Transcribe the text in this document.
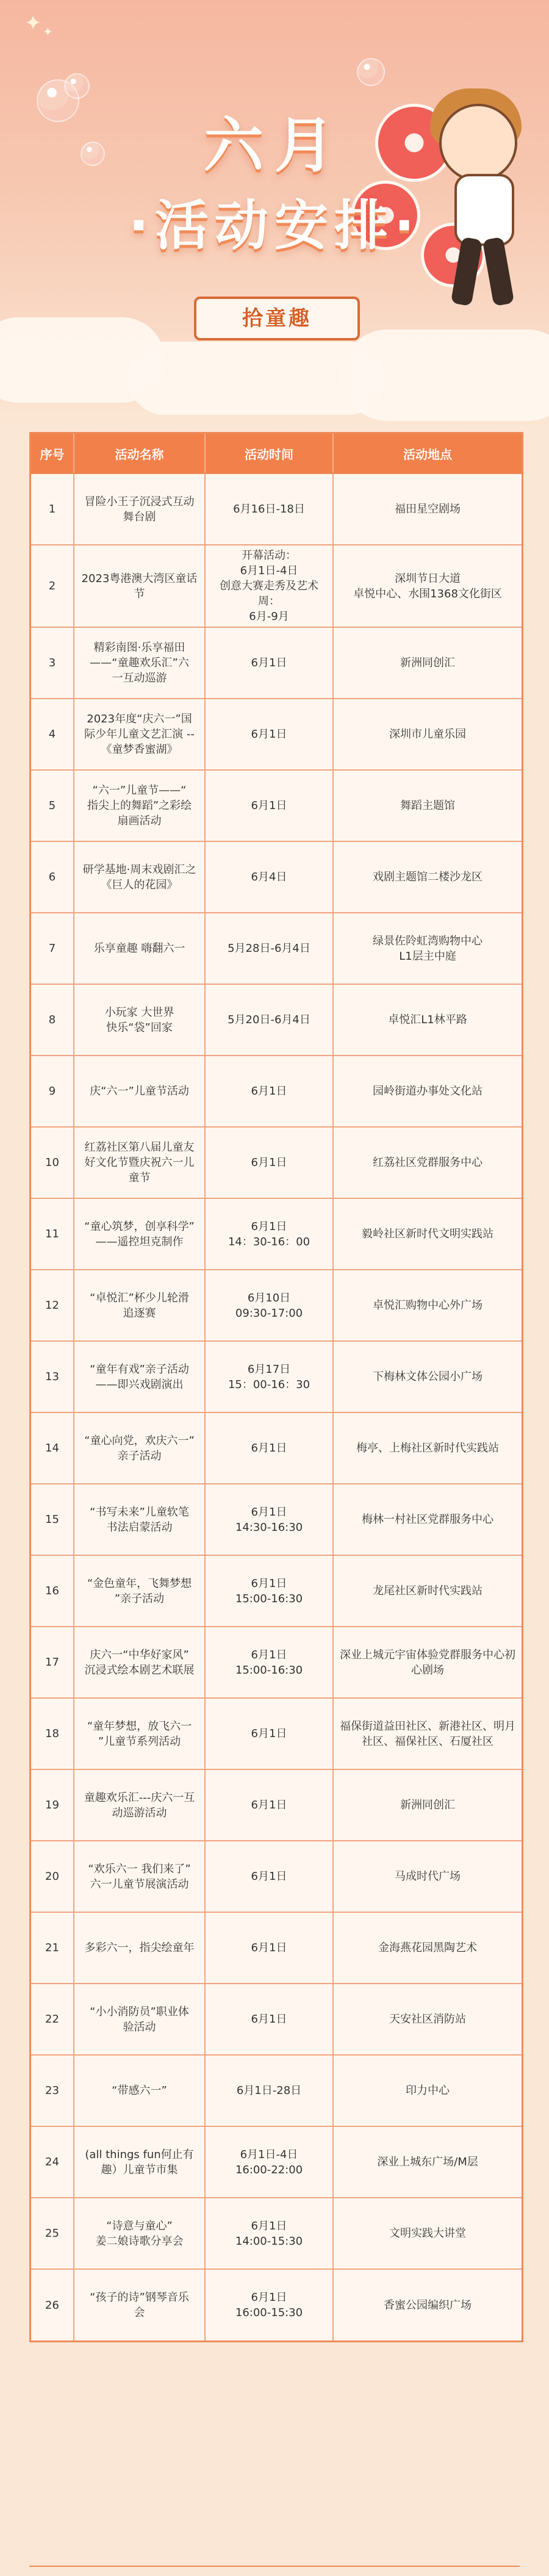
✦ ✦
六月
·活动安排·
拾童趣
序号	活动名称	活动时间	活动地点
1	冒险小王子沉浸式互动
舞台剧	6月16日-18日	福田星空剧场
2	2023粤港澳大湾区童话
节	开幕活动：
6月1日-4日
创意大赛走秀及艺术周：
6月-9月	深圳节日大道
卓悦中心、水围1368文化街区
3	精彩南图·乐享福田
——“童趣欢乐汇”六
一互动巡游	6月1日	新洲同创汇
4	2023年度“庆六一”国
际少年儿童文艺汇演 --
《童梦香蜜湖》	6月1日	深圳市儿童乐园
5	“六一”儿童节——“
指尖上的舞蹈”之彩绘
扇画活动	6月1日	舞蹈主题馆
6	研学基地·周末戏剧汇之
《巨人的花园》	6月4日	戏剧主题馆二楼沙龙区
7	乐享童趣 嗨翻六一	5月28日-6月4日	绿景佐阾虹湾购物中心
L1层主中庭
8	小玩家 大世界
快乐“袋”回家	5月20日-6月4日	卓悦汇L1林平路
9	庆“六一”儿童节活动	6月1日	园岭街道办事处文化站
10	红荔社区第八届儿童友
好文化节暨庆祝六一儿
童节	6月1日	红荔社区党群服务中心
11	“童心筑梦，创享科学”
——遥控坦克制作	6月1日
14：30-16：00	毅岭社区新时代文明实践站
12	“卓悦汇”杯少儿轮滑
追逐赛	6月10日
09:30-17:00	卓悦汇购物中心外广场
13	“童年有戏”亲子活动
——即兴戏剧演出	6月17日
15：00-16：30	下梅林文体公园小广场
14	“童心向党，欢庆六一”
亲子活动	6月1日	梅亭、上梅社区新时代实践站
15	“书写未来”儿童软笔
书法启蒙活动	6月1日
14:30-16:30	梅林一村社区党群服务中心
16	“金色童年，飞舞梦想
”亲子活动	6月1日
15:00-16:30	龙尾社区新时代实践站
17	庆六一“中华好家风”
沉浸式绘本剧艺术联展	6月1日
15:00-16:30	深业上城元宇宙体验党群服务中心初
心剧场
18	“童年梦想，放飞六一
”儿童节系列活动	6月1日	福保街道益田社区、新港社区、明月
社区、福保社区、石厦社区
19	童趣欢乐汇---庆六一互
动巡游活动	6月1日	新洲同创汇
20	“欢乐六一 我们来了”
六一儿童节展演活动	6月1日	马成时代广场
21	多彩六一，指尖绘童年	6月1日	金海燕花园黑陶艺术
22	“小小消防员”职业体
验活动	6月1日	天安社区消防站
23	“带感六一”	6月1日-28日	印力中心
24	(all things fun何止有
趣）儿童节市集	6月1日-4日
16:00-22:00	深业上城东广场/M层
25	“诗意与童心”
姜二娘诗歌分享会	6月1日
14:00-15:30	文明实践大讲堂
26	“孩子的诗”钢琴音乐
会	6月1日
16:00-15:30	香蜜公园编织广场
